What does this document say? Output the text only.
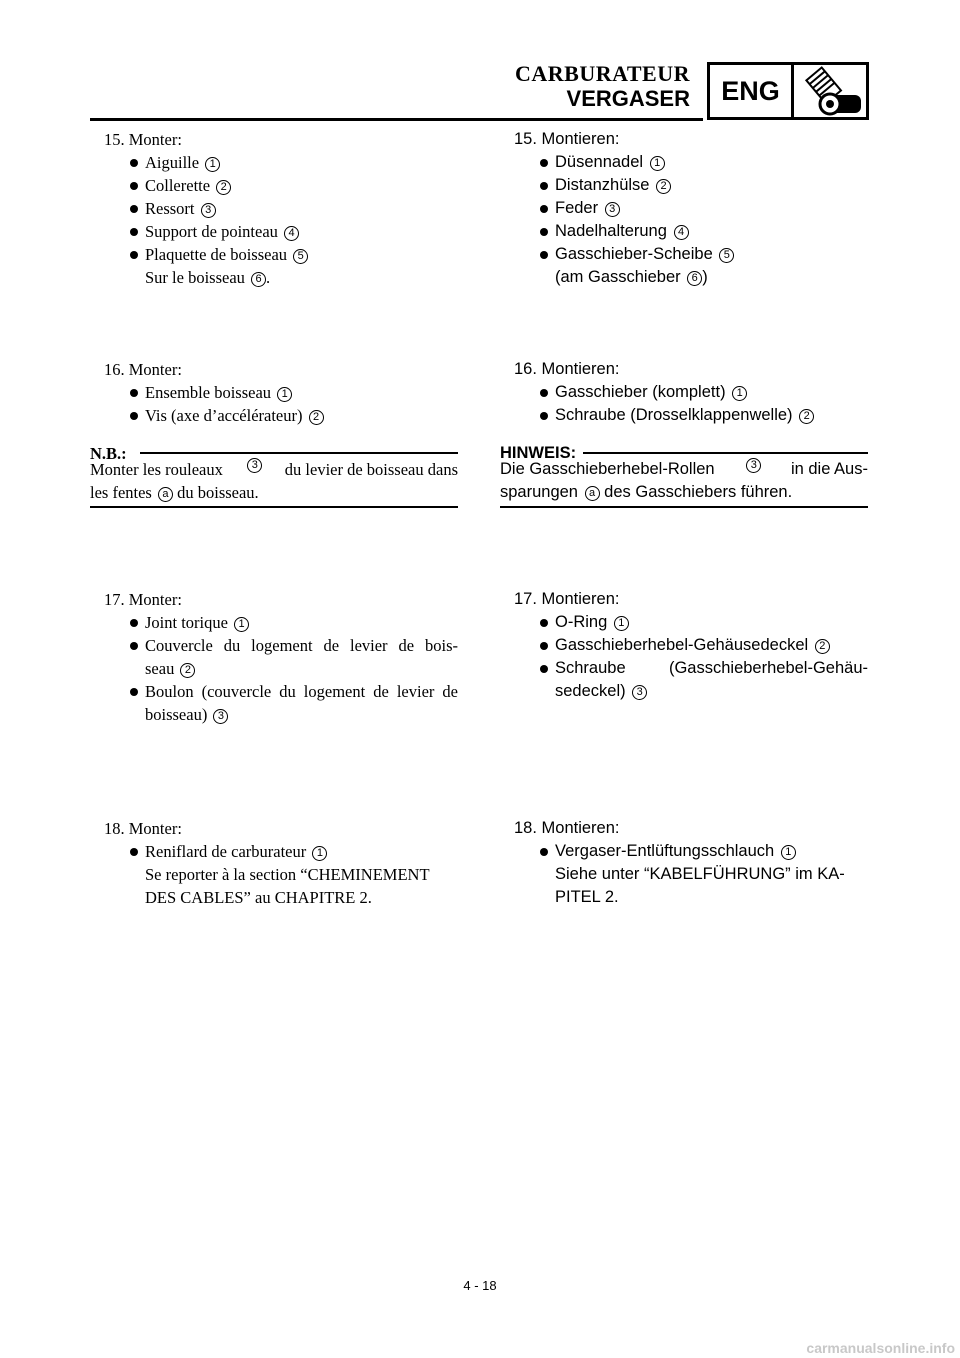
CARBURATEUR
VERGASER	ENG
15. Monter:
Aiguille 1
Collerette 2
Ressort 3
Support de pointeau 4
Plaquette de boisseau 5
Sur le boisseau 6 .
16. Monter:
Ensemble boisseau 1
Vis (axe d’accélérateur) 2
N.B.:
Monter les rouleaux	3 du levier de boisseau dans
les fentes a du boisseau.
17. Monter:
Joint torique 1
Couvercle du logement de levier de bois-
seau 2
Boulon (couvercle du logement de levier de
boisseau) 3
18. Monter:
Reniflard de carburateur 1
Se reporter à la section “CHEMINEMENT
DES CABLES” au CHAPITRE 2.
15. Montieren:
Düsennadel 1
Distanzhülse 2
Feder 3
Nadelhalterung 4
Gasschieber-Scheibe 5
(am Gasschieber 6 )
16. Montieren:
Gasschieber (komplett) 1
Schraube (Drosselklappenwelle) 2
HINWEIS:
Die Gasschieberhebel-Rollen	3 in die Aus-
sparungen a des Gasschiebers führen.
17. Montieren:
O-Ring 1
Gasschieberhebel-Gehäusedeckel 2
Schraube (Gasschieberhebel-Gehäu-
sedeckel) 3
18. Montieren:
Vergaser-Entlüftungsschlauch 1
Siehe unter “KABELFÜHRUNG” im KA-
PITEL 2.
4 - 18
carmanualsonline.info
